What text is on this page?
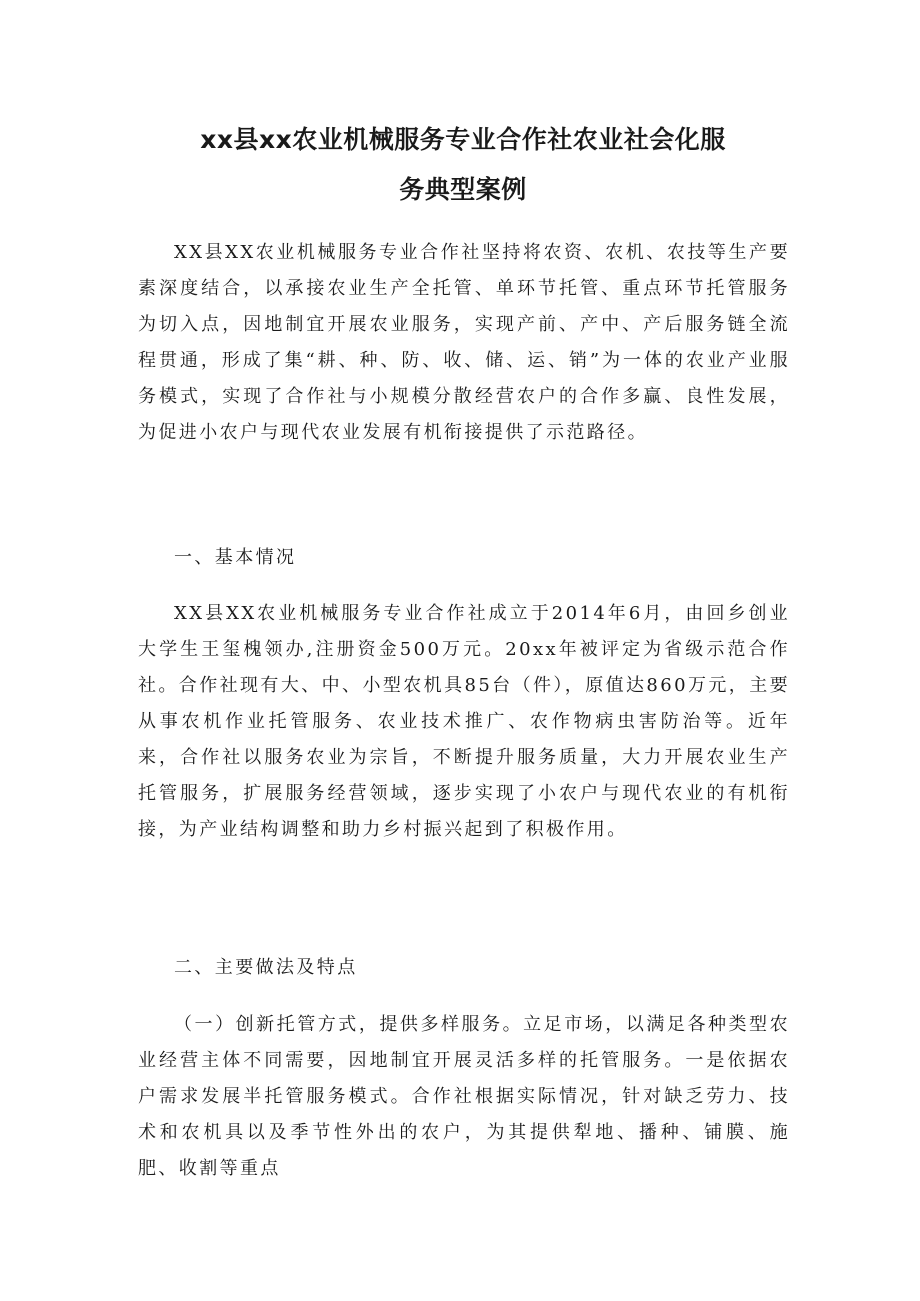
xx县xx农业机械服务专业合作社农业社会化服
务典型案例

XX县XX农业机械服务专业合作社坚持将农资、农机、农技等生产要素深度结合，以承接农业生产全托管、单环节托管、重点环节托管服务为切入点，因地制宜开展农业服务，实现产前、产中、产后服务链全流程贯通，形成了集“耕、种、防、收、储、运、销”为一体的农业产业服务模式，实现了合作社与小规模分散经营农户的合作多赢、良性发展，为促进小农户与现代农业发展有机衔接提供了示范路径。

一、基本情况

XX县XX农业机械服务专业合作社成立于2014年6月，由回乡创业大学生王玺槐领办,注册资金500万元。20xx年被评定为省级示范合作社。合作社现有大、中、小型农机具85台（件），原值达860万元，主要从事农机作业托管服务、农业技术推广、农作物病虫害防治等。近年来，合作社以服务农业为宗旨，不断提升服务质量，大力开展农业生产托管服务，扩展服务经营领域，逐步实现了小农户与现代农业的有机衔接，为产业结构调整和助力乡村振兴起到了积极作用。

二、主要做法及特点

（一）创新托管方式，提供多样服务。立足市场，以满足各种类型农业经营主体不同需要，因地制宜开展灵活多样的托管服务。一是依据农户需求发展半托管服务模式。合作社根据实际情况，针对缺乏劳力、技术和农机具以及季节性外出的农户，为其提供犁地、播种、铺膜、施肥、收割等重点
